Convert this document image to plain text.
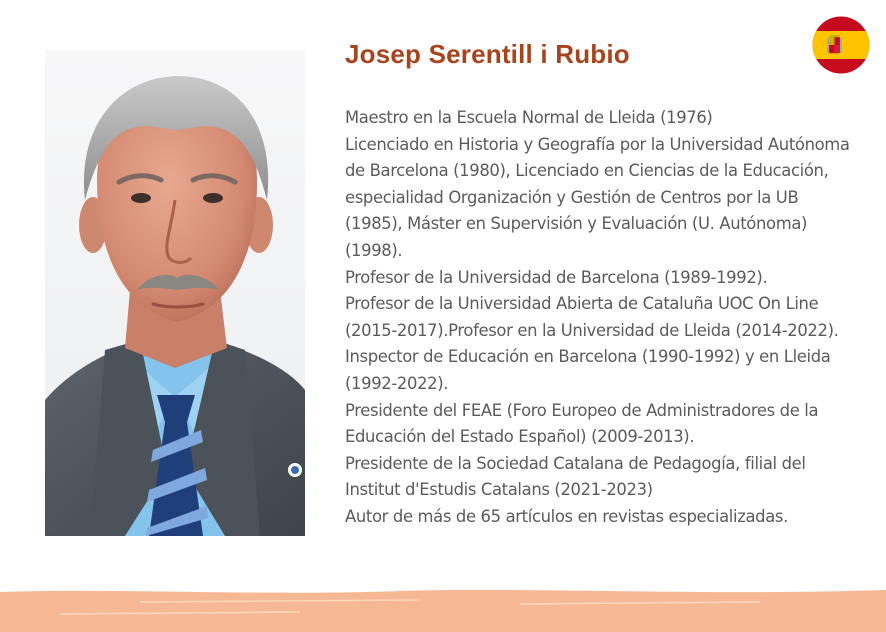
Josep Serentill i Rubio
Maestro en la Escuela Normal de Lleida (1976)
Licenciado en Historia y Geografía por la Universidad Autónoma de Barcelona (1980), Licenciado en Ciencias de la Educación, especialidad Organización y Gestión de Centros por la UB (1985), Máster en Supervisión y Evaluación (U. Autónoma) (1998).
Profesor de la Universidad de Barcelona (1989-1992).
Profesor de la Universidad Abierta de Cataluña UOC On Line (2015-2017).Profesor en la Universidad de Lleida (2014-2022).
Inspector de Educación en Barcelona (1990-1992) y en Lleida (1992-2022).
Presidente del FEAE (Foro Europeo de Administradores de la Educación del Estado Español) (2009-2013).
Presidente de la Sociedad Catalana de Pedagogía, filial del Institut d'Estudis Catalans (2021-2023)
Autor de más de 65 artículos en revistas especializadas.
